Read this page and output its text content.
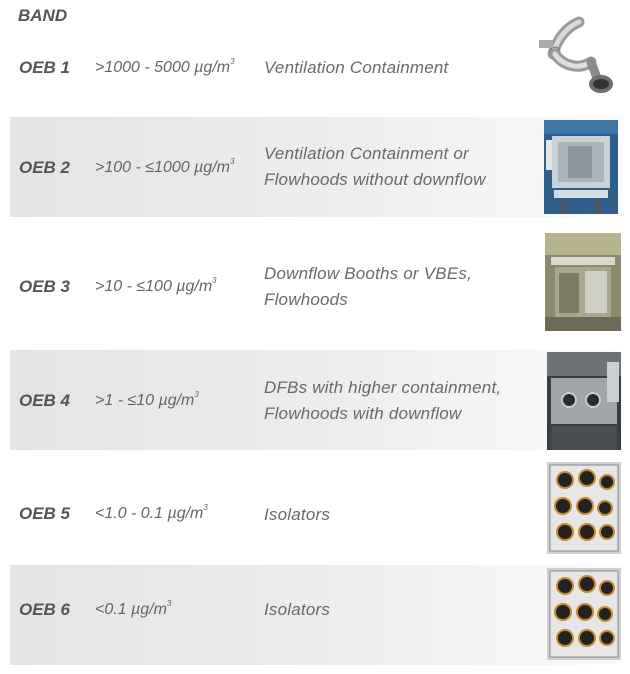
BAND
OEB 1 >1000 - 5000 $\mu g/m^3$ Ventilation Containment
OEB 2 >100 - ≤1000 $\mu g/m^3$ Ventilation Containment or
Flowhoods without downflow
OEB 3 >10 - ≤100 $\mu g/m^3$	Downflow Booths or VBEs,
Flowhoods
OEB 4 >1 - ≤10 $\mu g/m^3$	DFBs with higher containment,
Flowhoods with downflow
OEB 5 <1.0 - 0.1 $\mu g/m^3$	Isolators
OEB 6 <0.1 $\mu g/m^3$	Isolators
